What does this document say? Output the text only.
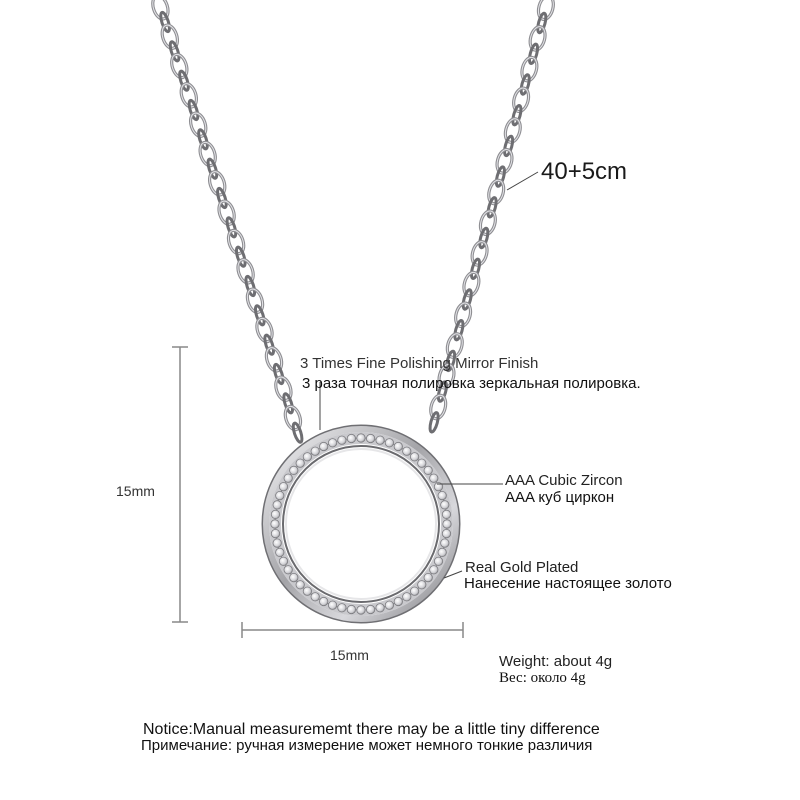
40+5cm
3 Times Fine Polishing Mirror Finish
3 раза точная полировка зеркальная полировка.
AAA Cubic Zircon
AAA куб циркон
Real Gold Plated
Нанесение настоящее золото
15mm
15mm	Weight: about 4g
Вес: около 4g
Notice:Manual measurememt there may be a little tiny difference
Примечание: ручная измерение может немного тонкие различия
